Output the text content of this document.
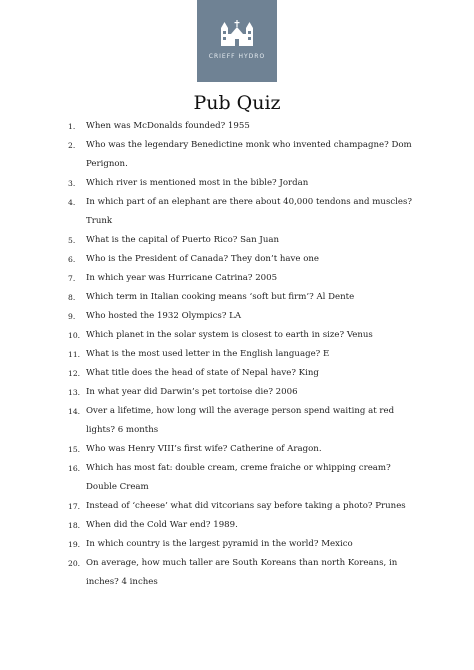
CRIEFF HYDRO
Pub Quiz
1.	When was McDonalds founded? 1955
2.	Who was the legendary Benedictine monk who invented champagne? Dom Perignon.
3.	Which river is mentioned most in the bible? Jordan
4.	In which part of an elephant are there about 40,000 tendons and muscles? Trunk
5.	What is the capital of Puerto Rico? San Juan
6.	Who is the President of Canada? They don’t have one
7.	In which year was Hurricane Catrina? 2005
8.	Which term in Italian cooking means ‘soft but firm’? Al Dente
9.	Who hosted the 1932 Olympics? LA
10. Which planet in the solar system is closest to earth in size? Venus
11. What is the most used letter in the English language? E
12. What title does the head of state of Nepal have? King
13. In what year did Darwin’s pet tortoise die? 2006
14. Over a lifetime, how long will the average person spend waiting at red lights? 6 months
15. Who was Henry VIII’s first wife? Catherine of Aragon.
16. Which has most fat: double cream, creme fraiche or whipping cream? Double Cream
17. Instead of ‘cheese’ what did vitcorians say before taking a photo? Prunes
18. When did the Cold War end? 1989.
19. In which country is the largest pyramid in the world? Mexico
20. On average, how much taller are South Koreans than north Koreans, in inches? 4 inches
